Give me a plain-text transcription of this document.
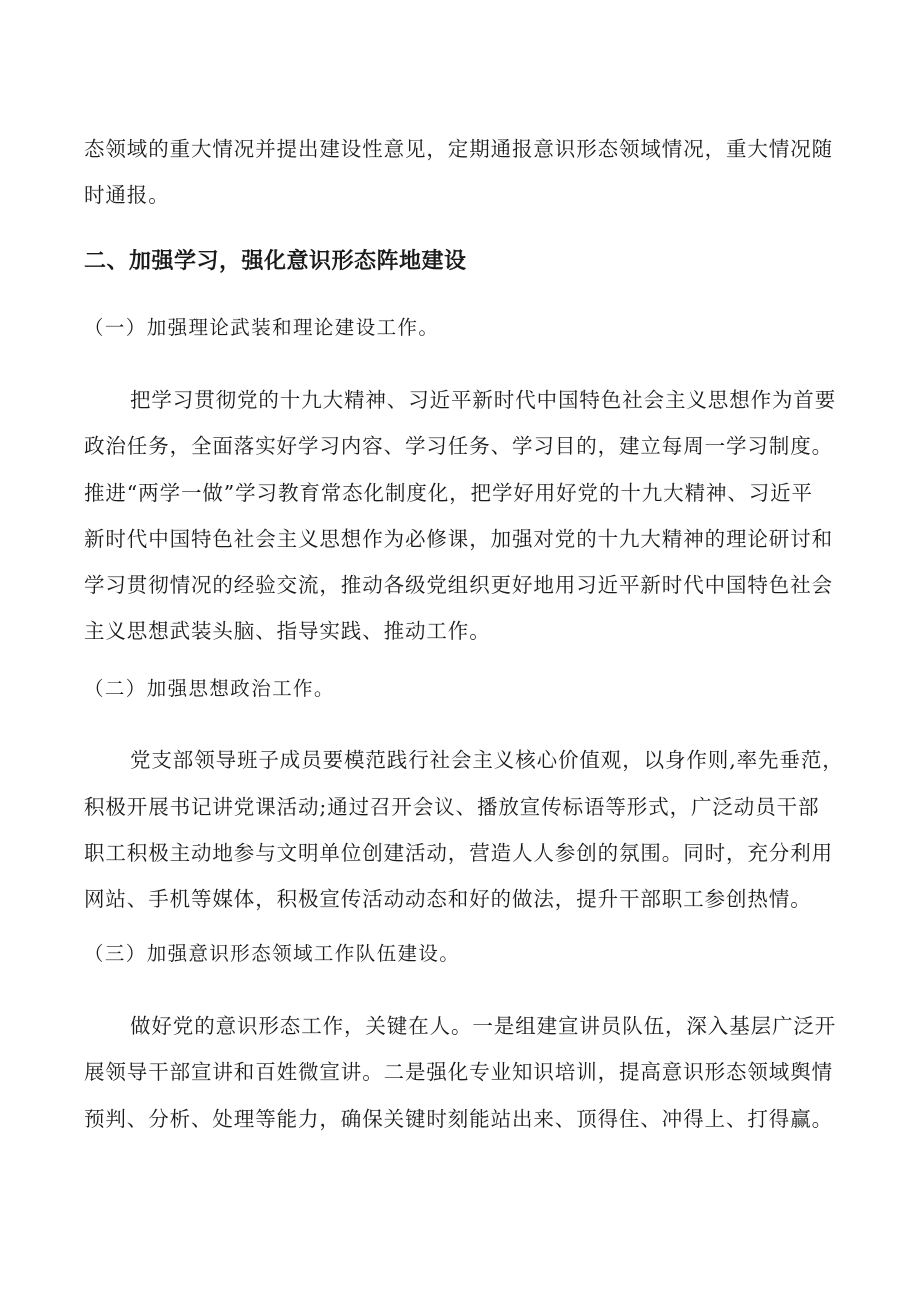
态领域的重大情况并提出建设性意见，定期通报意识形态领域情况，重大情况随
时通报。
二、加强学习，强化意识形态阵地建设
（一）加强理论武装和理论建设工作。
把学习贯彻党的十九大精神、习近平新时代中国特色社会主义思想作为首要
政治任务，全面落实好学习内容、学习任务、学习目的，建立每周一学习制度。
推进“两学一做”学习教育常态化制度化，把学好用好党的十九大精神、习近平
新时代中国特色社会主义思想作为必修课，加强对党的十九大精神的理论研讨和
学习贯彻情况的经验交流，推动各级党组织更好地用习近平新时代中国特色社会
主义思想武装头脑、指导实践、推动工作。
（二）加强思想政治工作。
党支部领导班子成员要模范践行社会主义核心价值观，以身作则,率先垂范，
积极开展书记讲党课活动;通过召开会议、播放宣传标语等形式，广泛动员干部
职工积极主动地参与文明单位创建活动，营造人人参创的氛围。同时，充分利用
网站、手机等媒体，积极宣传活动动态和好的做法，提升干部职工参创热情。
（三）加强意识形态领域工作队伍建设。
做好党的意识形态工作，关键在人。一是组建宣讲员队伍，深入基层广泛开
展领导干部宣讲和百姓微宣讲。二是强化专业知识培训，提高意识形态领域舆情
预判、分析、处理等能力，确保关键时刻能站出来、顶得住、冲得上、打得赢。
